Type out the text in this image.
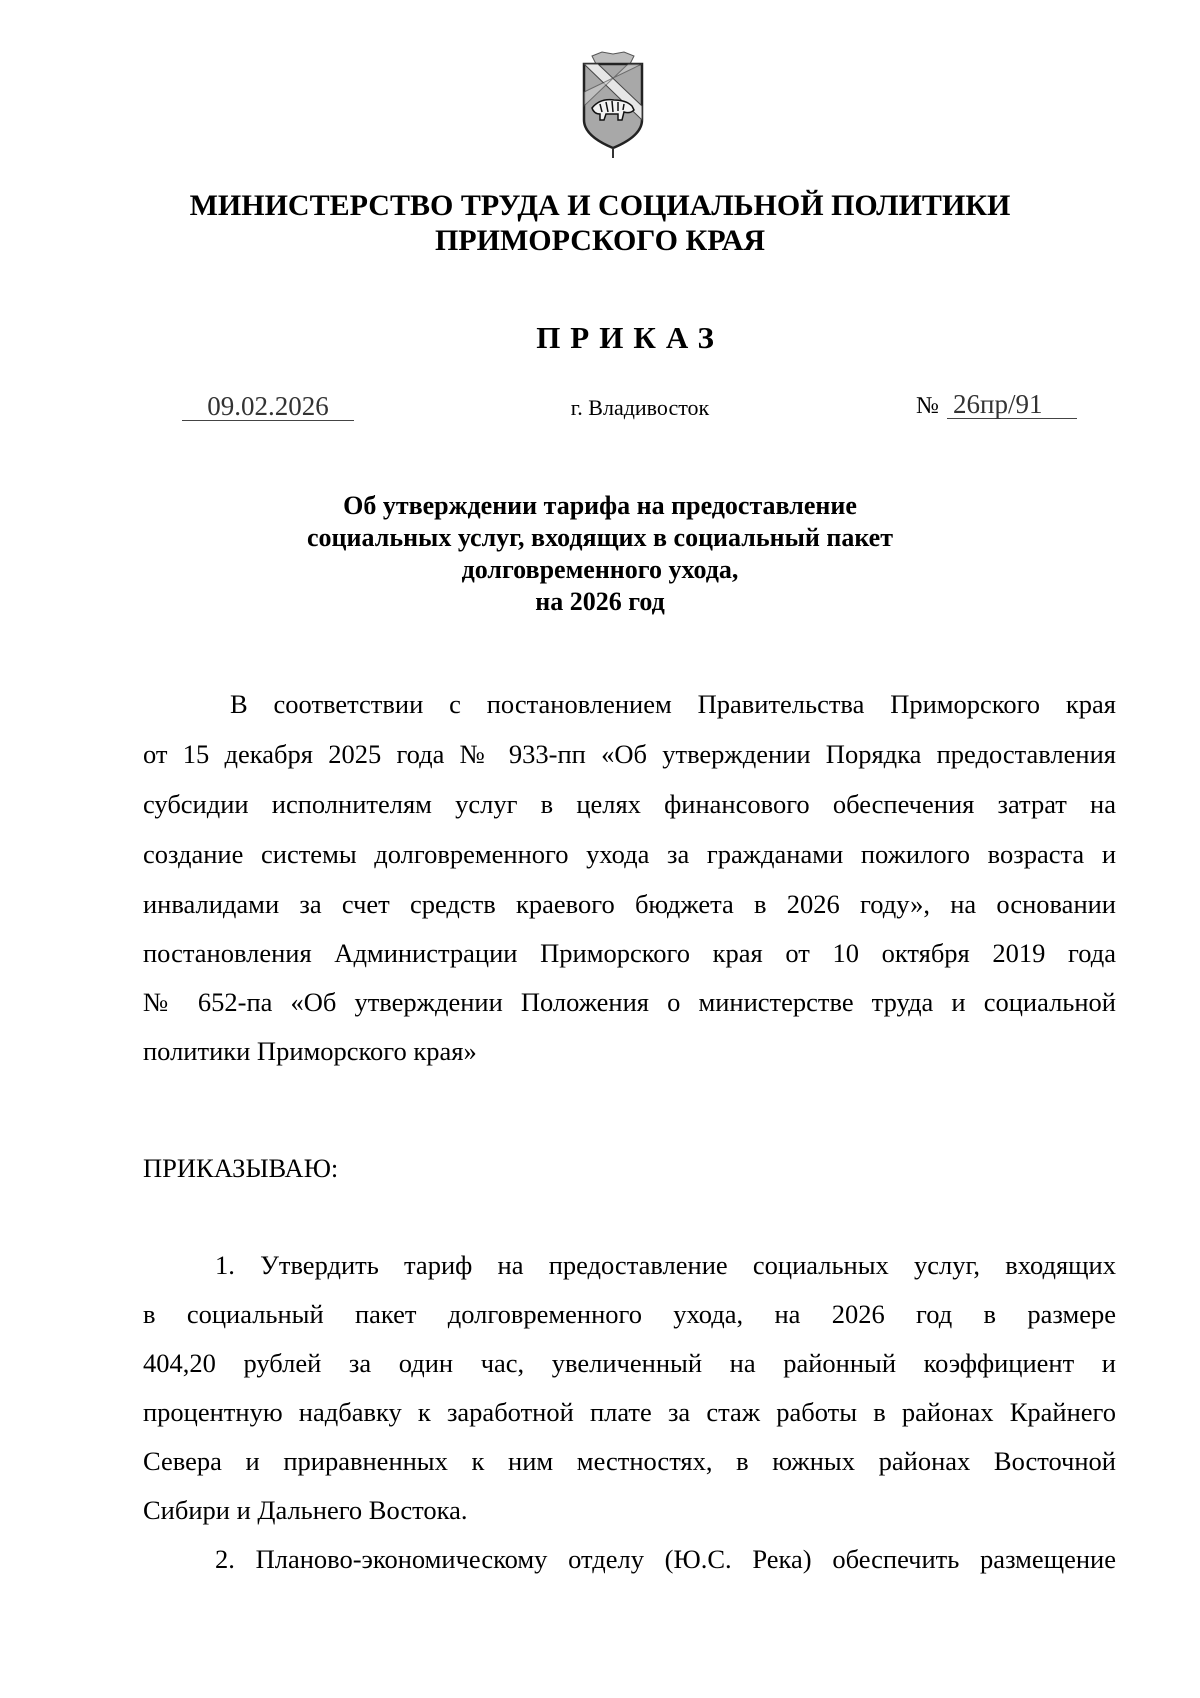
МИНИСТЕРСТВО ТРУДА И СОЦИАЛЬНОЙ ПОЛИТИКИ
ПРИМОРСКОГО КРАЯ
ПРИКАЗ
09.02.2026	г. Владивосток	№ 26пр/91
Об утверждении тарифа на предоставление
социальных услуг, входящих в социальный пакет
долговременного ухода,
на 2026 год
В соответствии с постановлением Правительства Приморского края
от 15 декабря 2025 года № 933-пп «Об утверждении Порядка предоставления
субсидии исполнителям услуг в целях финансового обеспечения затрат на
создание системы долговременного ухода за гражданами пожилого возраста и
инвалидами за счет средств краевого бюджета в 2026 году», на основании
постановления Администрации Приморского края от 10 октября 2019 года
№ 652-па «Об утверждении Положения о министерстве труда и социальной
политики Приморского края»
ПРИКАЗЫВАЮ:
1. Утвердить тариф на предоставление социальных услуг, входящих
в социальный пакет долговременного ухода, на 2026 год в размере
404,20 рублей за один час, увеличенный на районный коэффициент и
процентную надбавку к заработной плате за стаж работы в районах Крайнего
Севера и приравненных к ним местностях, в южных районах Восточной
Сибири и Дальнего Востока.
2. Планово-экономическому отделу (Ю.С. Река) обеспечить размещение
